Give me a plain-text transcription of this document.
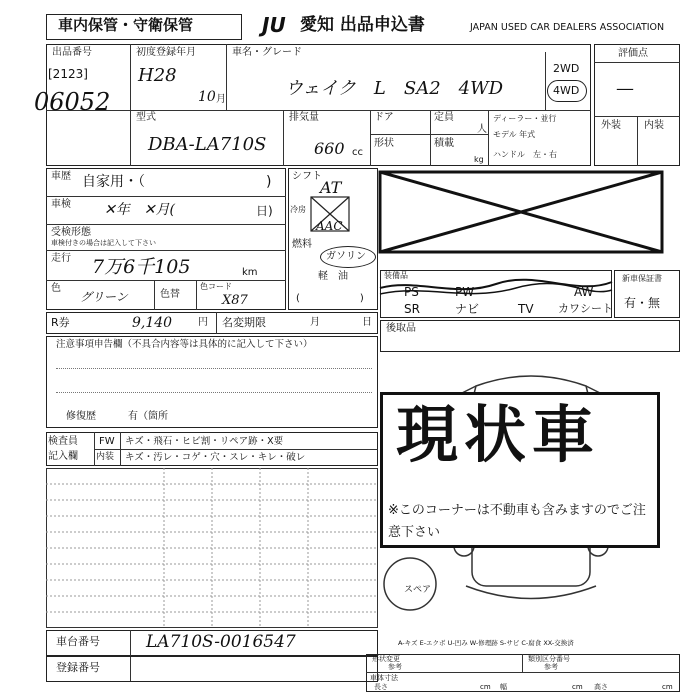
車内保管・守衛保管	JU 愛知 出品申込書	JAPAN USED CAR DEALERS ASSOCIATION
出品番号
[2123]
06052
初度登録年月
H28
10 月
車名・グレード
ウェイク　L　SA2　4WD
2WD
4WD
型式
DBA-LA710S
排気量
660 cc
ドア
形状
定員
人
積載
kg
ディーラー・並行
モデル 年式
ハンドル　左・右
評価点
—
外装 内装
車歴 自家用・（	)
車検 ✕年　✕月(	日)
受検形態
車検付きの場合は記入して下さい
走行 7万6千105	km
色
グリーン	色替
色コード
X87
R券	9,140	円 名変期限	月	日
注意事項申告欄（不具合内容等は具体的に記入して下さい）
修復歴	有（箇所
検査員
記入欄
FW キズ・飛石・ヒビ割・リペア跡・X要
内装 キズ・汚レ・コゲ・穴・スレ・キレ・破レ
シフト
AT
冷房
AAC
燃料
ガソリン
軽　油
(　　　　　　)
装備品
PS	PW	AW
SR	ナビ	TV カワシート
新車保証書
有・無
後取品
スペア
現状車
※このコーナーは不動車も含みますのでご注意下さい
車台番号	LA710S-0016547
登録番号
A-キズ E-エクボ U-凹み W-修理跡 S-サビ C-腐食 XX-交換済
形状変更
参考
類別区分番号
参考
車体寸法
長さ	cm 幅	cm 高さ	cm
